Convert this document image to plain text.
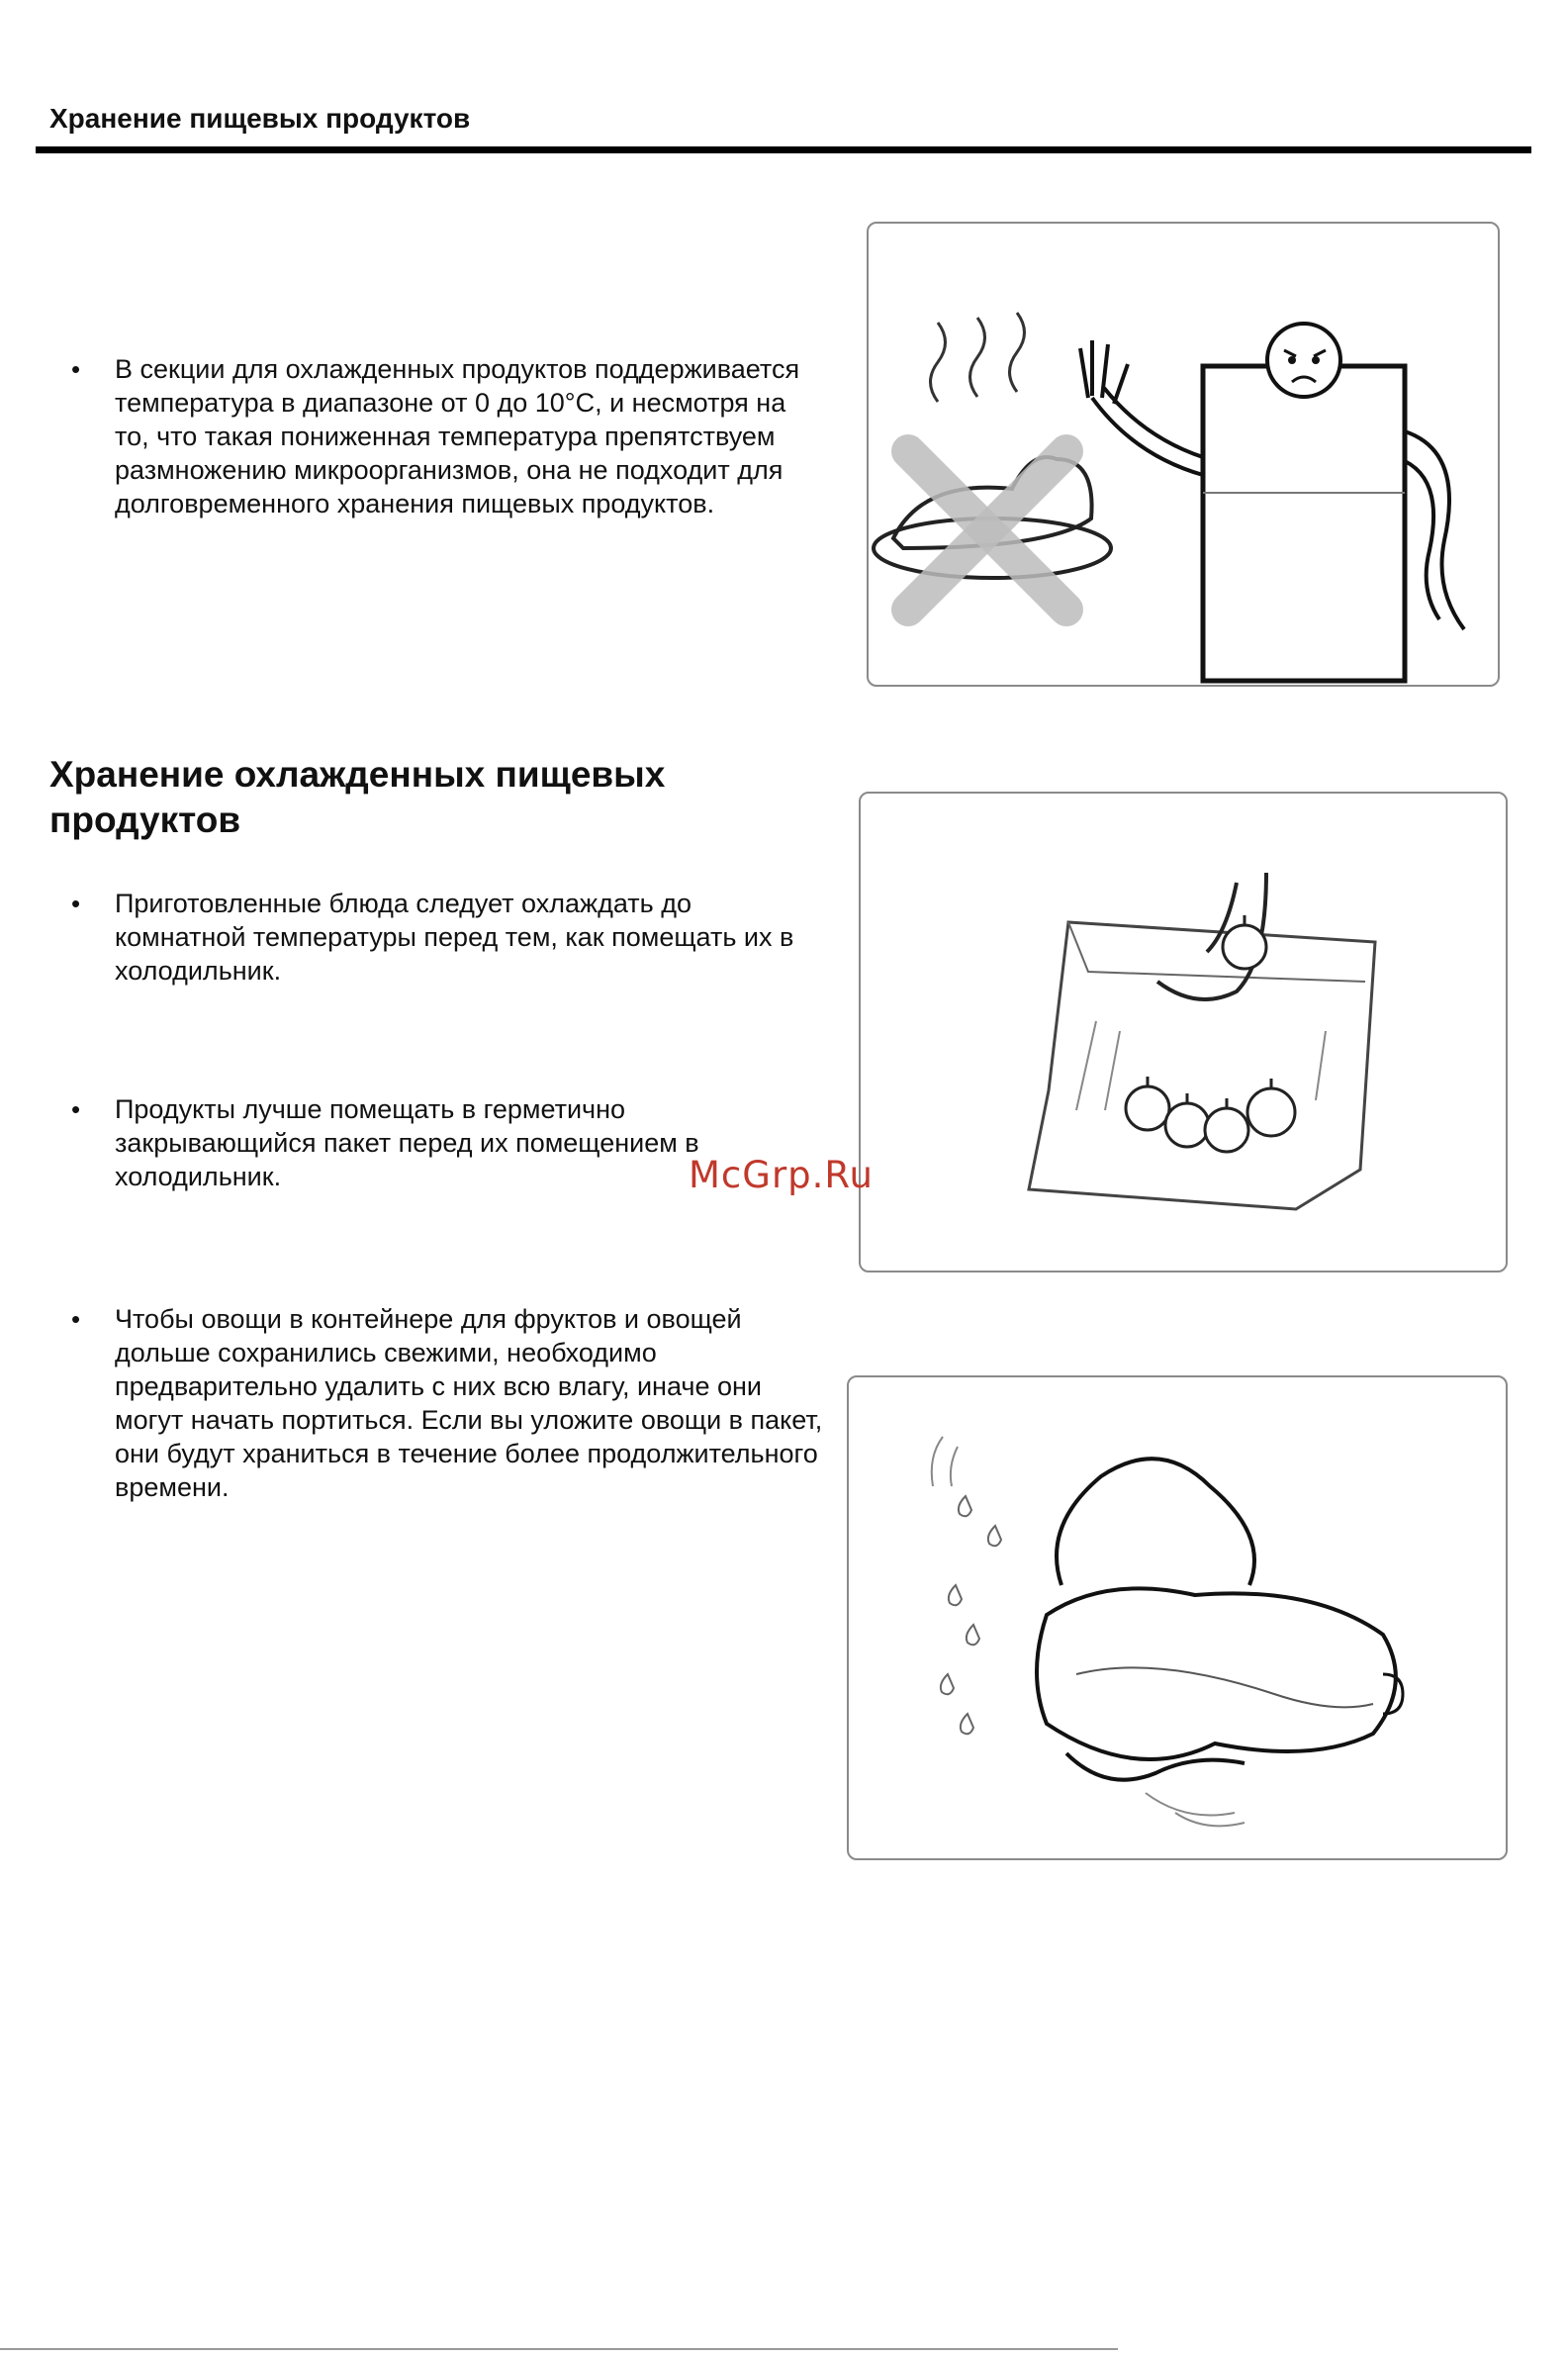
Хранение пищевых продуктов
•	В секции для охлажденных продуктов поддерживается температура в диапазоне от 0 до 10°C, и несмотря на то, что такая пониженная температура препятствуем размножению микроорганизмов, она не подходит для долговременного хранения пищевых продуктов.
Хранение охлажденных пищевых продуктов
•	Приготовленные блюда следует охлаждать до комнатной температуры перед тем, как помещать их в холодильник.
•	Продукты лучше помещать в герметично закрывающийся пакет перед их помещением в холодильник.
•	Чтобы овощи в контейнере для фруктов и овощей дольше сохранились свежими, необходимо предварительно удалить с них всю влагу, иначе они могут начать портиться. Если вы уложите овощи в пакет, они будут храниться в течение более продолжительного времени.
McGrp.Ru
